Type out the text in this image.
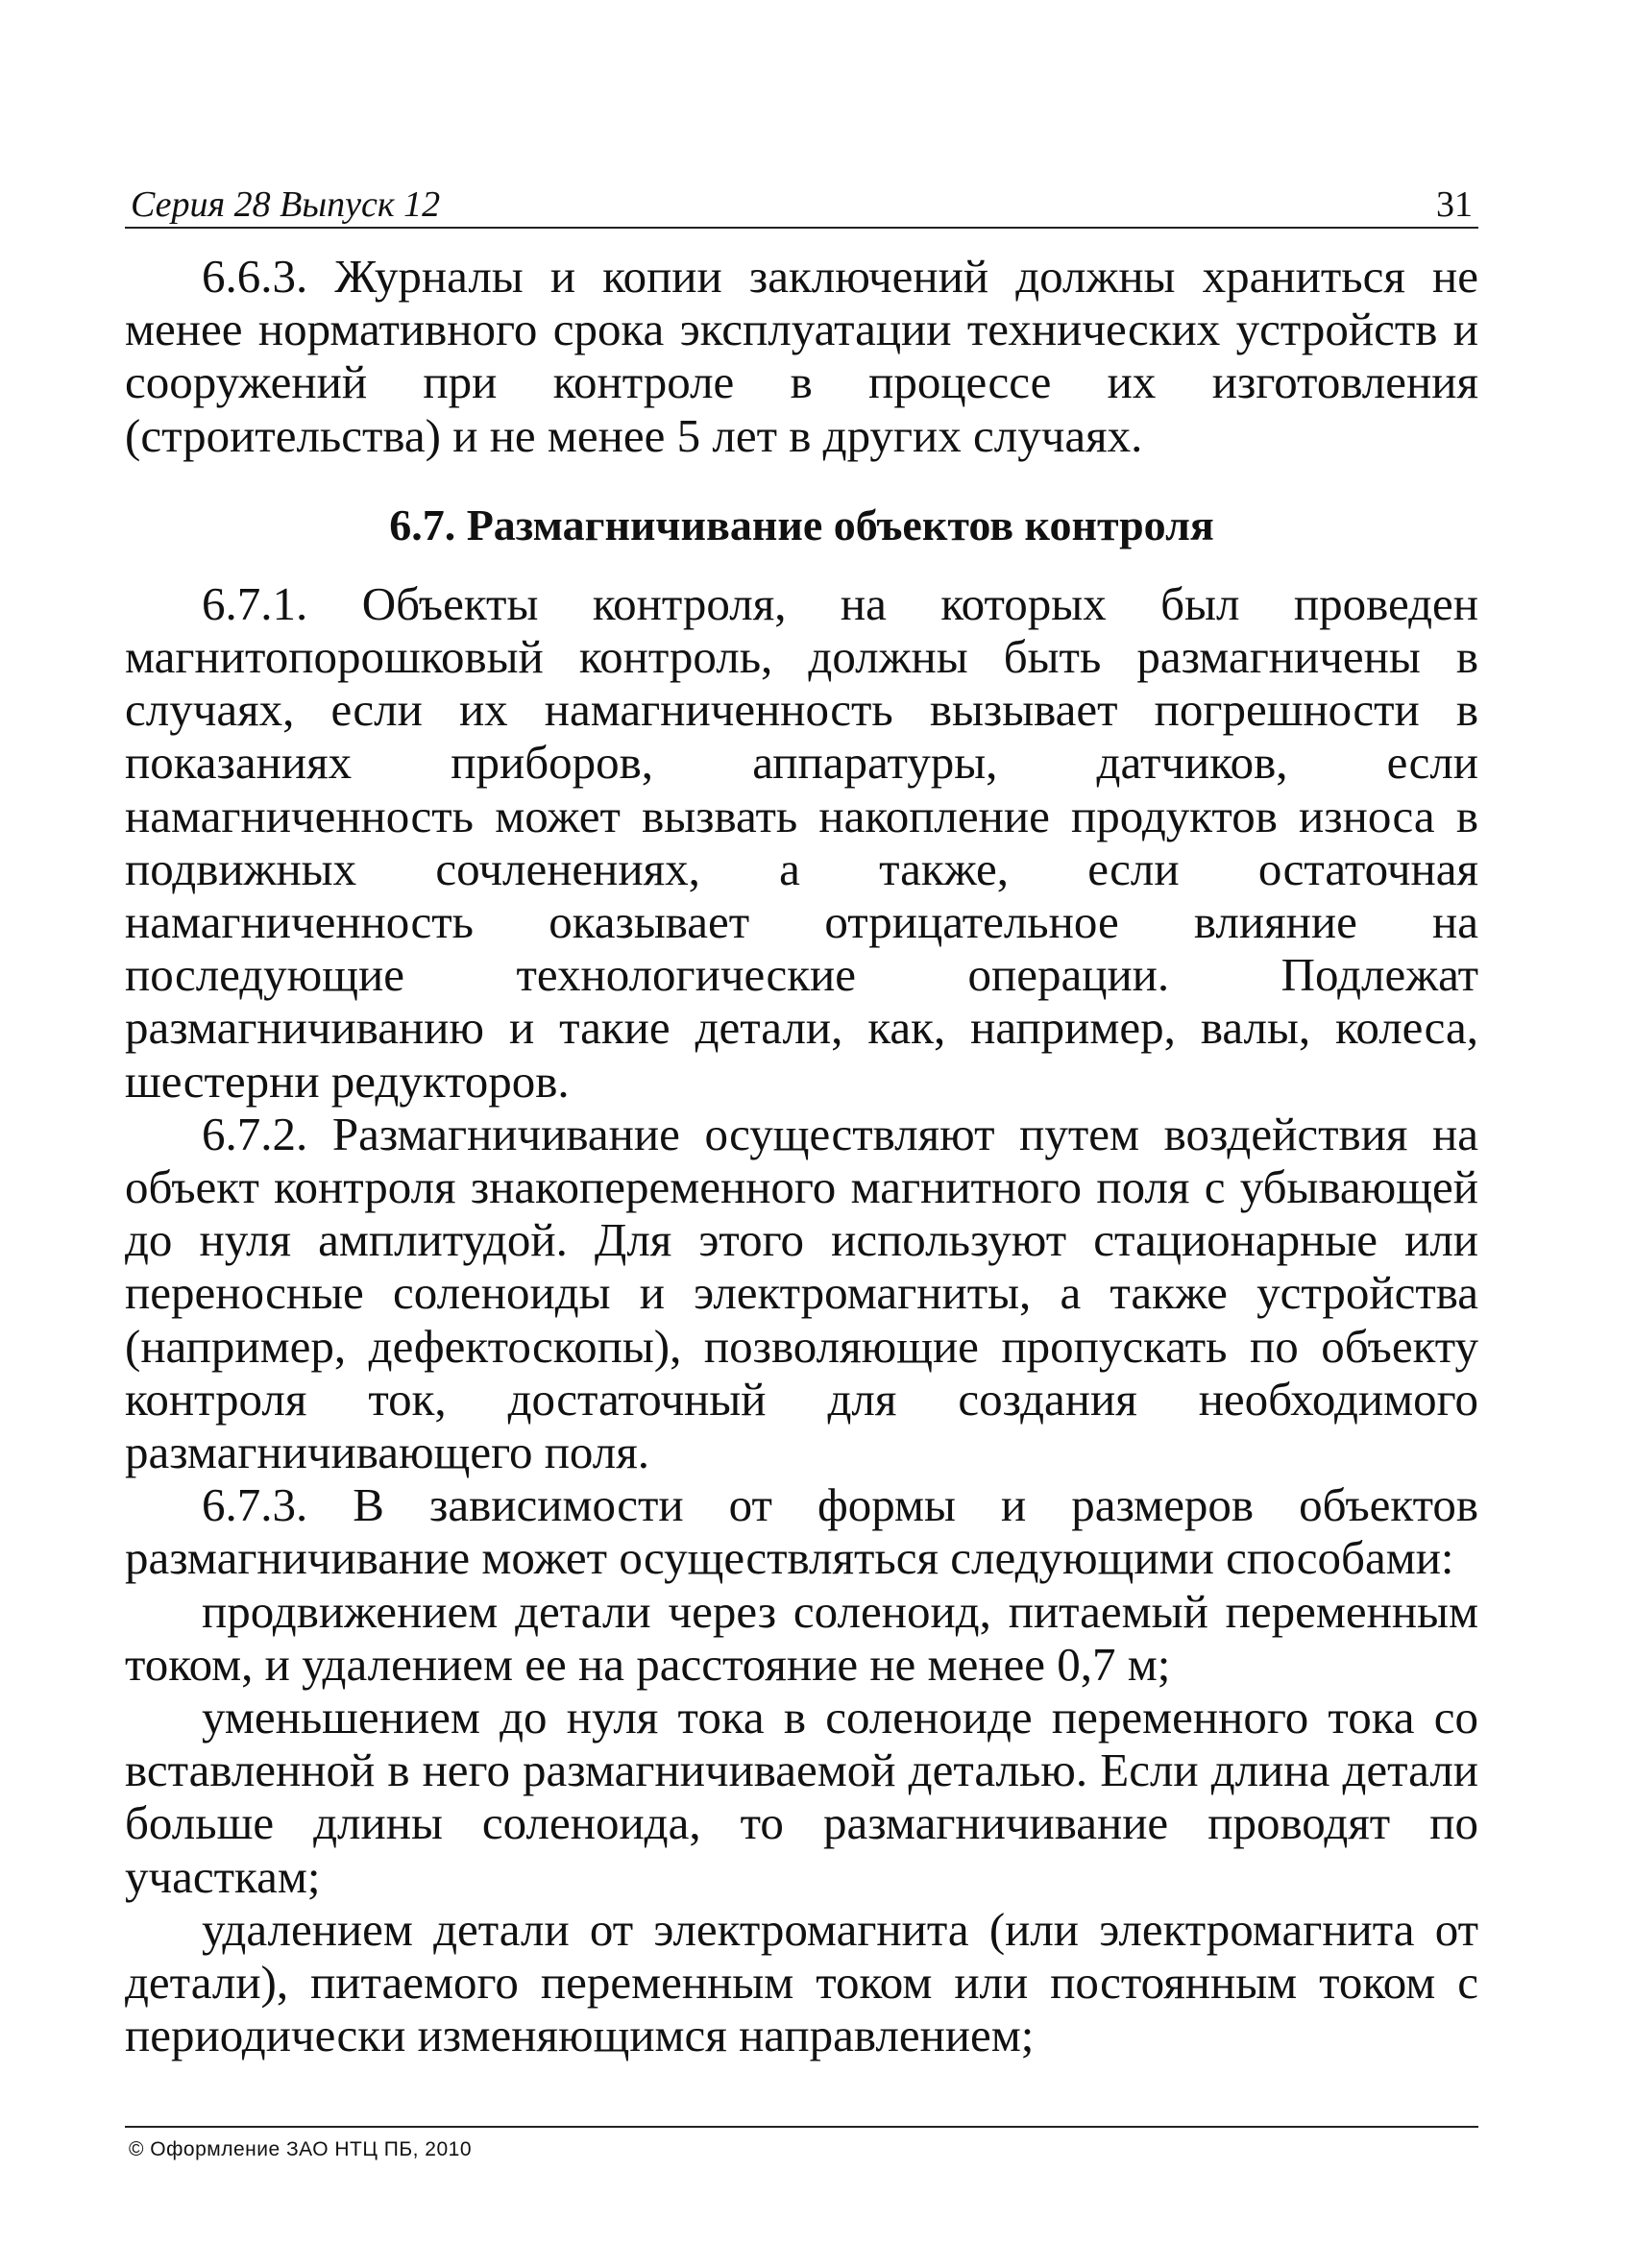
Серия 28 Выпуск 12	31

6.6.3. Журналы и копии заключений должны храниться не менее нормативного срока эксплуатации технических устройств и сооружений при контроле в процессе их изготовления (строительства) и не менее 5 лет в других случаях.

6.7. Размагничивание объектов контроля

6.7.1. Объекты контроля, на которых был проведен магнитопорошковый контроль, должны быть размагничены в случаях, если их намагниченность вызывает погрешности в показаниях приборов, аппаратуры, датчиков, если намагниченность может вызвать накопление продуктов износа в подвижных сочленениях, а также, если остаточная намагниченность оказывает отрицательное влияние на последующие технологические операции. Подлежат размагничиванию и такие детали, как, например, валы, колеса, шестерни редукторов.

6.7.2. Размагничивание осуществляют путем воздействия на объект контроля знакопеременного магнитного поля с убывающей до нуля амплитудой. Для этого используют стационарные или переносные соленоиды и электромагниты, а также устройства (например, дефектоскопы), позволяющие пропускать по объекту контроля ток, достаточный для создания необходимого размагничивающего поля.

6.7.3. В зависимости от формы и размеров объектов размагничивание может осуществляться следующими способами:

продвижением детали через соленоид, питаемый переменным током, и удалением ее на расстояние не менее 0,7 м;

уменьшением до нуля тока в соленоиде переменного тока со вставленной в него размагничиваемой деталью. Если длина детали больше длины соленоида, то размагничивание проводят по участкам;

удалением детали от электромагнита (или электромагнита от детали), питаемого переменным током или постоянным током с периодически изменяющимся направлением;

© Оформление ЗАО НТЦ ПБ, 2010
